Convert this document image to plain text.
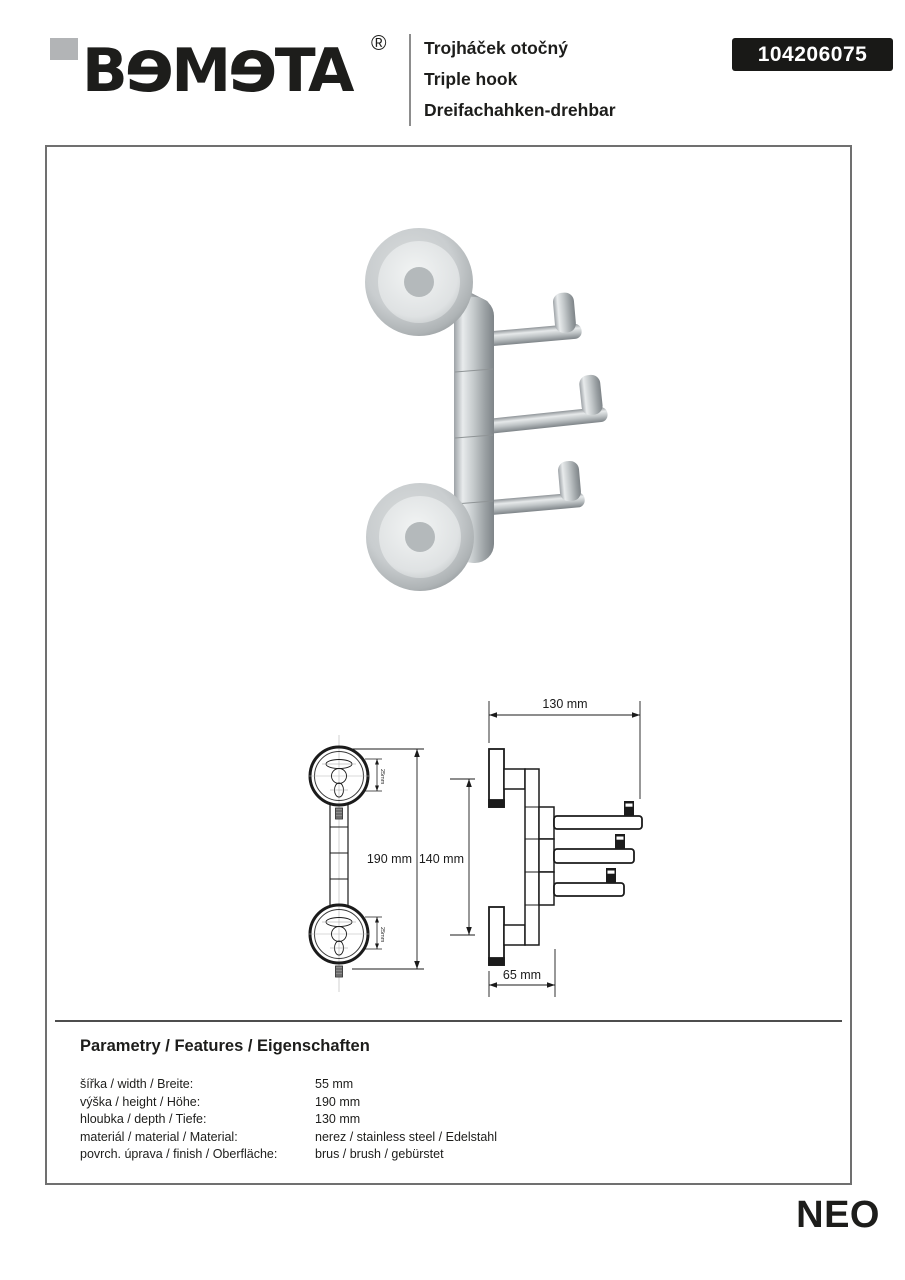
BɘMɘTA ® Trojháček otočný
Triple hook
Dreifachahken-drehbar
104206075
25mm
190 mm 140 mm
130 mm
65 mm
Parametry / Features / Eigenschaften
šířka / width / Breite:	55 mm
výška / height / Höhe:	190 mm
hloubka / depth / Tiefe:	130 mm
materiál / material / Material:	nerez / stainless steel / Edelstahl
povrch. úprava / finish / Oberfläche:	brus / brush / gebürstet
NEO
